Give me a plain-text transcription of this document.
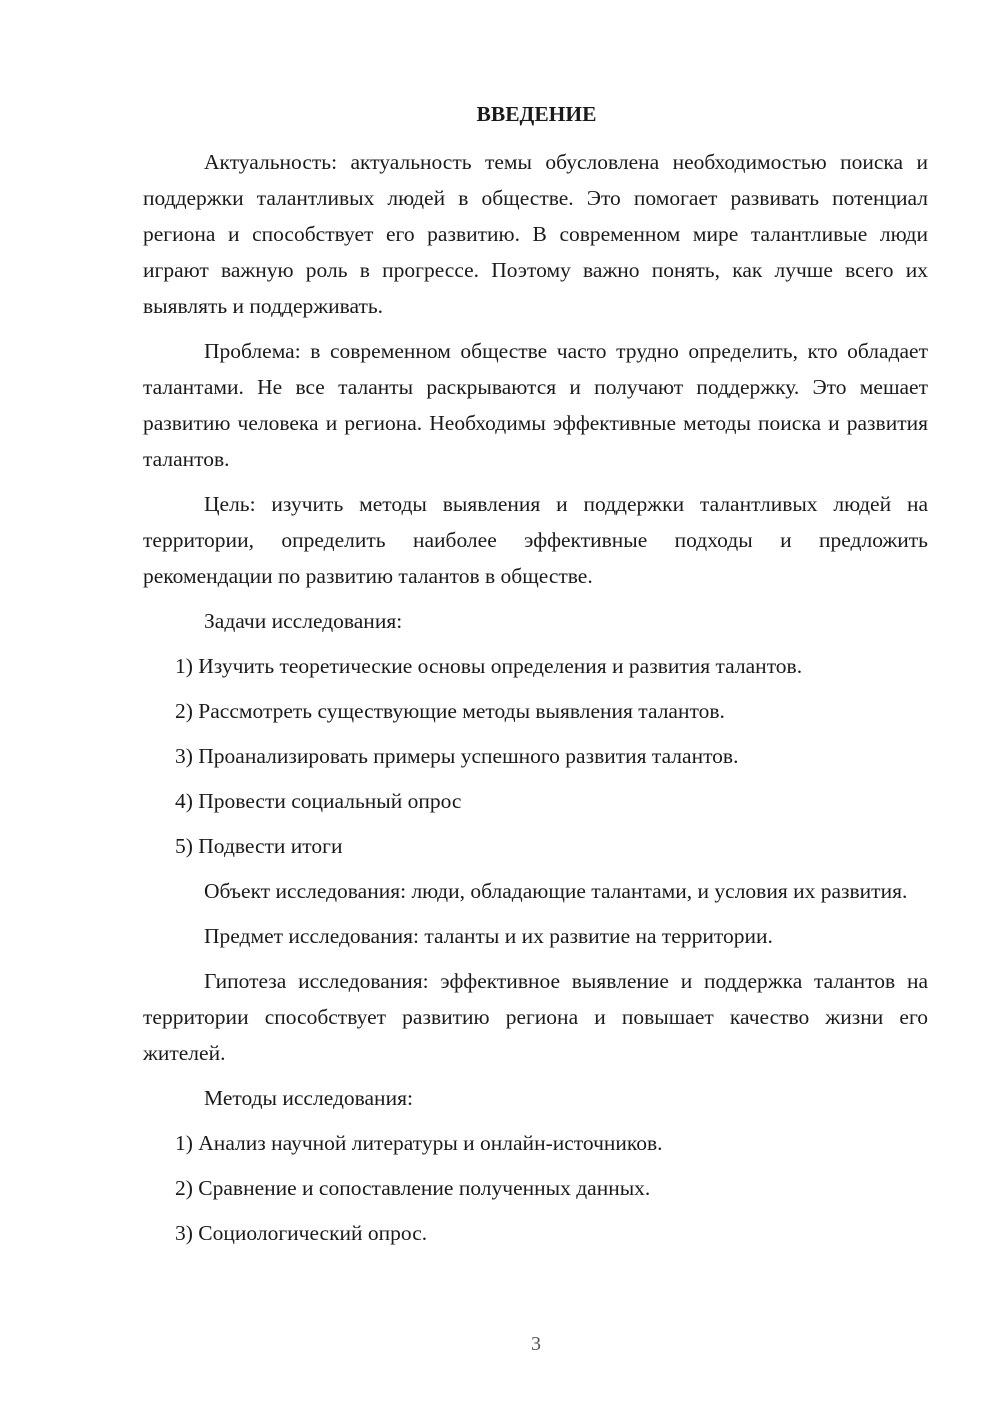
ВВЕДЕНИЕ

Актуальность: актуальность темы обусловлена необходимостью поиска и поддержки талантливых людей в обществе. Это помогает развивать потенциал региона и способствует его развитию. В современном мире талантливые люди играют важную роль в прогрессе. Поэтому важно понять, как лучше всего их выявлять и поддерживать.

Проблема: в современном обществе часто трудно определить, кто обладает талантами. Не все таланты раскрываются и получают поддержку. Это мешает развитию человека и региона. Необходимы эффективные методы поиска и развития талантов.

Цель: изучить методы выявления и поддержки талантливых людей на территории, определить наиболее эффективные подходы и предложить рекомендации по развитию талантов в обществе.

Задачи исследования:

1) Изучить теоретические основы определения и развития талантов.

2) Рассмотреть существующие методы выявления талантов.

3) Проанализировать примеры успешного развития талантов.

4) Провести социальный опрос

5) Подвести итоги

Объект исследования: люди, обладающие талантами, и условия их развития.

Предмет исследования: таланты и их развитие на территории.

Гипотеза исследования: эффективное выявление и поддержка талантов на территории способствует развитию региона и повышает качество жизни его жителей.

Методы исследования:

1) Анализ научной литературы и онлайн-источников.

2) Сравнение и сопоставление полученных данных.

3) Социологический опрос.

3
